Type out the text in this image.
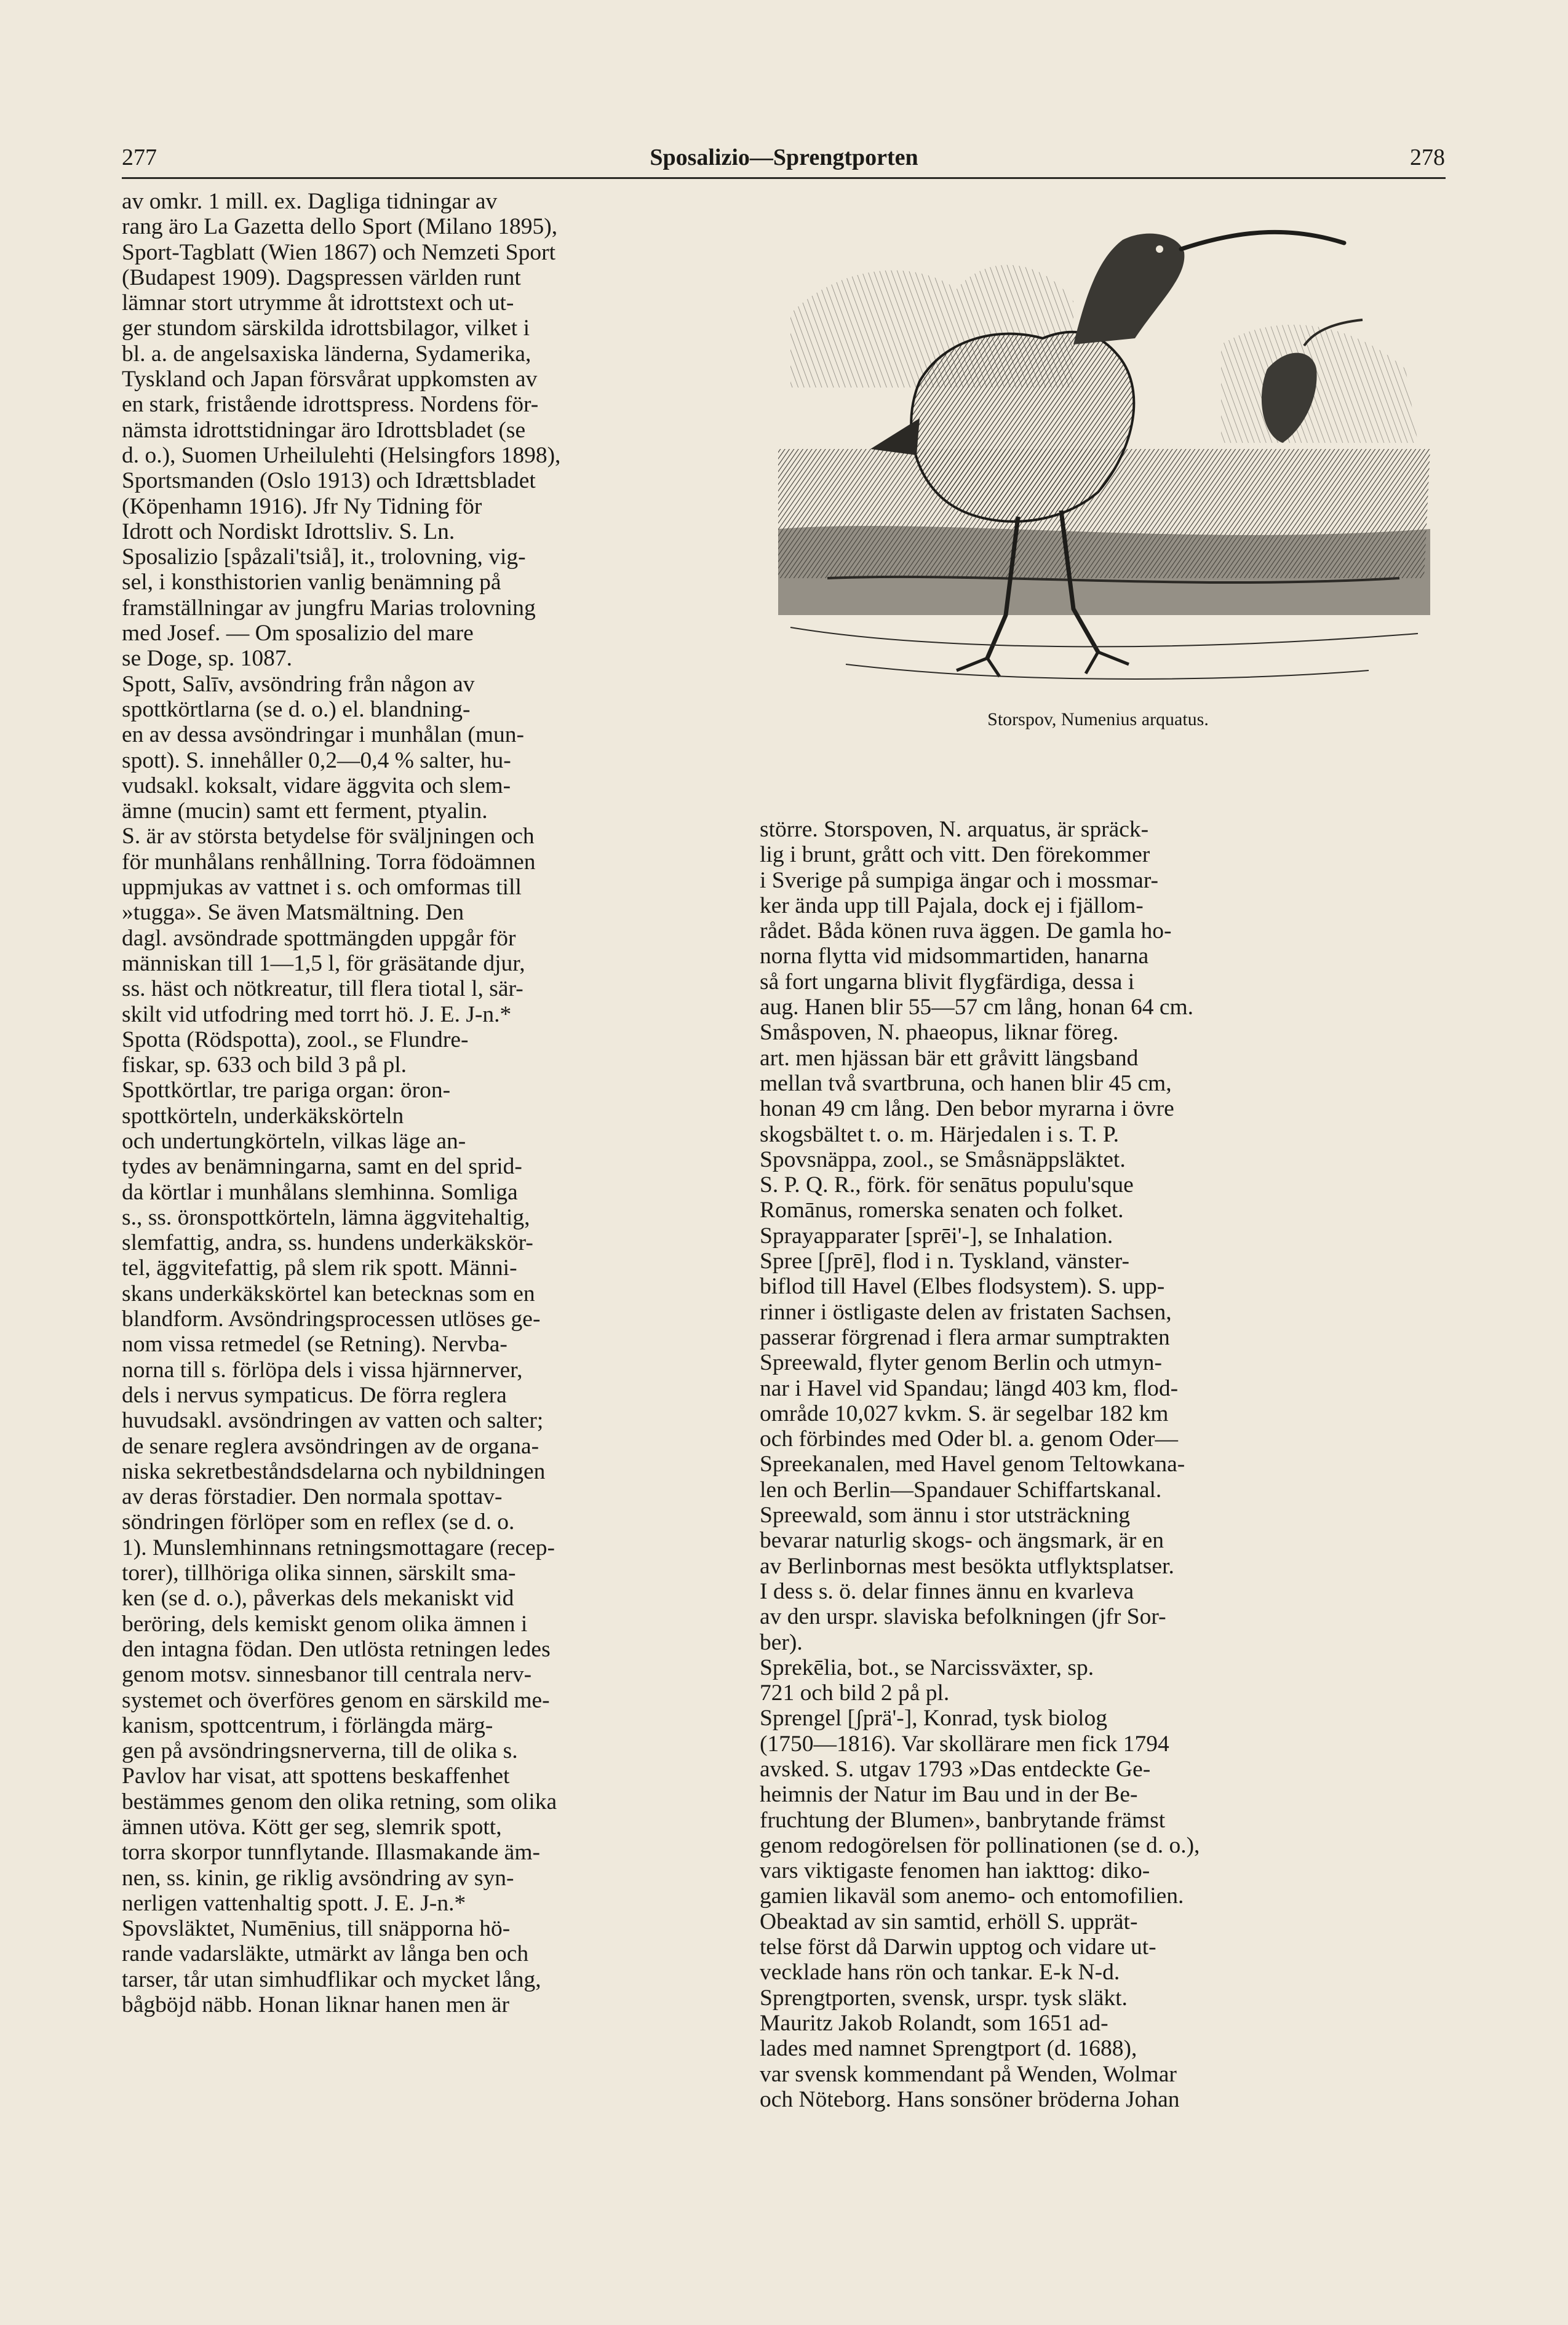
277	Sposalizio—Sprengtporten	278
av omkr. 1 mill. ex. Dagliga tidningar av
rang äro La Gazetta dello Sport (Milano 1895),
Sport-Tagblatt (Wien 1867) och Nemzeti Sport
(Budapest 1909). Dagspressen världen runt
lämnar stort utrymme åt idrottstext och ut-
ger stundom särskilda idrottsbilagor, vilket i
bl. a. de angelsaxiska länderna, Sydamerika,
Tyskland och Japan försvårat uppkomsten av
en stark, fristående idrottspress. Nordens för-
nämsta idrottstidningar äro Idrottsbladet (se
d. o.), Suomen Urheilulehti (Helsingfors 1898),
Sportsmanden (Oslo 1913) och Idrættsbladet
(Köpenhamn 1916). Jfr Ny Tidning för
Idrott och Nordiskt Idrottsliv. S. Ln.
Sposalizio [spåzali'tsiå], it., trolovning, vig-
sel, i konsthistorien vanlig benämning på
framställningar av jungfru Marias trolovning
med Josef. — Om sposalizio del mare
se Doge, sp. 1087.
Spott, Salīv, avsöndring från någon av
spottkörtlarna (se d. o.) el. blandning-
en av dessa avsöndringar i munhålan (mun-
spott). S. innehåller 0,2—0,4 % salter, hu-
vudsakl. koksalt, vidare äggvita och slem-
ämne (mucin) samt ett ferment, ptyalin.
S. är av största betydelse för sväljningen och
för munhålans renhållning. Torra födoämnen
uppmjukas av vattnet i s. och omformas till
»tugga». Se även Matsmältning. Den
dagl. avsöndrade spottmängden uppgår för
människan till 1—1,5 l, för gräsätande djur,
ss. häst och nötkreatur, till flera tiotal l, sär-
skilt vid utfodring med torrt hö. J. E. J-n.*
Spotta (Rödspotta), zool., se Flundre-
fiskar, sp. 633 och bild 3 på pl.
Spottkörtlar, tre pariga organ: öron-
spottkörteln, underkäkskörteln
och undertungkörteln, vilkas läge an-
tydes av benämningarna, samt en del sprid-
da körtlar i munhålans slemhinna. Somliga
s., ss. öronspottkörteln, lämna äggvitehaltig,
slemfattig, andra, ss. hundens underkäkskör-
tel, äggvitefattig, på slem rik spott. Männi-
skans underkäkskörtel kan betecknas som en
blandform. Avsöndringsprocessen utlöses ge-
nom vissa retmedel (se Retning). Nervba-
norna till s. förlöpa dels i vissa hjärnnerver,
dels i nervus sympaticus. De förra reglera
huvudsakl. avsöndringen av vatten och salter;
de senare reglera avsöndringen av de organa-
niska sekretbeståndsdelarna och nybildningen
av deras förstadier. Den normala spottav-
söndringen förlöper som en reflex (se d. o.
1). Munslemhinnans retningsmottagare (recep-
torer), tillhöriga olika sinnen, särskilt sma-
ken (se d. o.), påverkas dels mekaniskt vid
beröring, dels kemiskt genom olika ämnen i
den intagna födan. Den utlösta retningen ledes
genom motsv. sinnesbanor till centrala nerv-
systemet och överföres genom en särskild me-
kanism, spottcentrum, i förlängda märg-
gen på avsöndringsnerverna, till de olika s.
Pavlov har visat, att spottens beskaffenhet
bestämmes genom den olika retning, som olika
ämnen utöva. Kött ger seg, slemrik spott,
torra skorpor tunnflytande. Illasmakande äm-
nen, ss. kinin, ge riklig avsöndring av syn-
nerligen vattenhaltig spott. J. E. J-n.*
Spovsläktet, Numēnius, till snäpporna hö-
rande vadarsläkte, utmärkt av långa ben och
tarser, tår utan simhudflikar och mycket lång,
bågböjd näbb. Honan liknar hanen men är
Storspov, Numenius arquatus.
större. Storspoven, N. arquatus, är spräck-
lig i brunt, grått och vitt. Den förekommer
i Sverige på sumpiga ängar och i mossmar-
ker ända upp till Pajala, dock ej i fjällom-
rådet. Båda könen ruva äggen. De gamla ho-
norna flytta vid midsommartiden, hanarna
så fort ungarna blivit flygfärdiga, dessa i
aug. Hanen blir 55—57 cm lång, honan 64 cm.
Småspoven, N. phaeopus, liknar föreg.
art. men hjässan bär ett gråvitt längsband
mellan två svartbruna, och hanen blir 45 cm,
honan 49 cm lång. Den bebor myrarna i övre
skogsbältet t. o. m. Härjedalen i s. T. P.
Spovsnäppa, zool., se Småsnäppsläktet.
S. P. Q. R., förk. för senātus populu'sque
Romānus, romerska senaten och folket.
Sprayapparater [sprēi'-], se Inhalation.
Spree [ʃprē], flod i n. Tyskland, vänster-
biflod till Havel (Elbes flodsystem). S. upp-
rinner i östligaste delen av fristaten Sachsen,
passerar förgrenad i flera armar sumptrakten
Spreewald, flyter genom Berlin och utmyn-
nar i Havel vid Spandau; längd 403 km, flod-
område 10,027 kvkm. S. är segelbar 182 km
och förbindes med Oder bl. a. genom Oder—
Spreekanalen, med Havel genom Teltowkana-
len och Berlin—Spandauer Schiffartskanal.
Spreewald, som ännu i stor utsträckning
bevarar naturlig skogs- och ängsmark, är en
av Berlinbornas mest besökta utflyktsplatser.
I dess s. ö. delar finnes ännu en kvarleva
av den urspr. slaviska befolkningen (jfr Sor-
ber).
Sprekēlia, bot., se Narcissväxter, sp.
721 och bild 2 på pl.
Sprengel [ʃprä'-], Konrad, tysk biolog
(1750—1816). Var skollärare men fick 1794
avsked. S. utgav 1793 »Das entdeckte Ge-
heimnis der Natur im Bau und in der Be-
fruchtung der Blumen», banbrytande främst
genom redogörelsen för pollinationen (se d. o.),
vars viktigaste fenomen han iakttog: diko-
gamien likaväl som anemo- och entomofilien.
Obeaktad av sin samtid, erhöll S. upprät-
telse först då Darwin upptog och vidare ut-
vecklade hans rön och tankar. E-k N-d.
Sprengtporten, svensk, urspr. tysk släkt.
Mauritz Jakob Rolandt, som 1651 ad-
lades med namnet Sprengtport (d. 1688),
var svensk kommendant på Wenden, Wolmar
och Nöteborg. Hans sonsöner bröderna Johan
